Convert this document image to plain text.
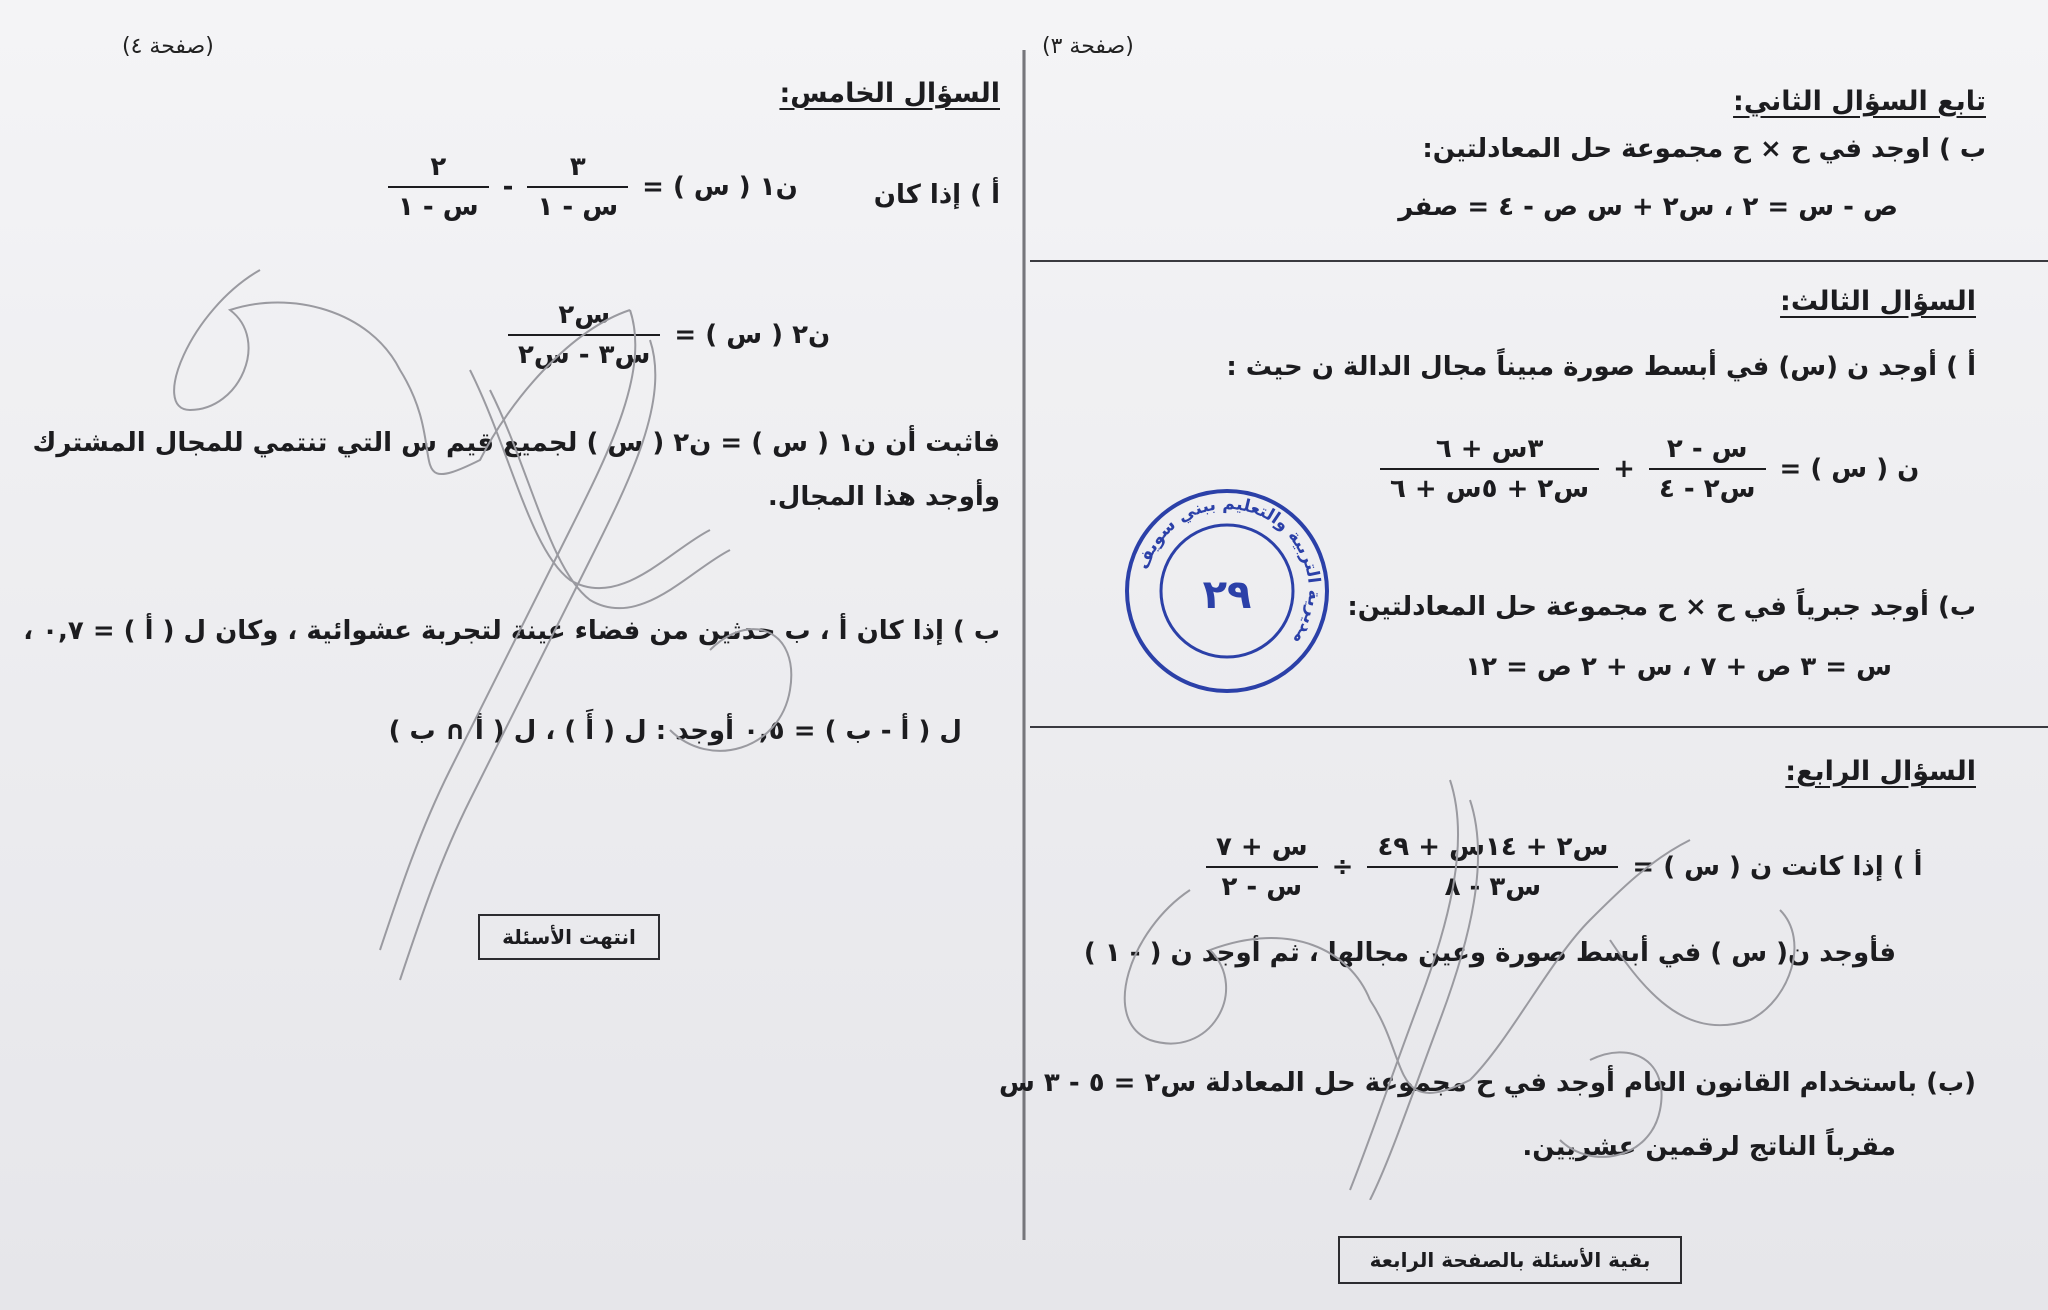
(صفحة ٤)
السؤال الخامس:
$\frac{٢}{\text{س - ١}} - \frac{٣}{\text{س - ١}}$ ن١ ( س ) =	أ ) إذا كان
$\frac{\text{س٢}}{\text{س٣ - س٢}}$ ن٢ ( س ) =
فاثبت أن ن١ ( س ) = ن٢ ( س ) لجميع قيم س التي تنتمي للمجال المشترك
وأوجد هذا المجال.
ب ) إذا كان أ ، ب حدثين من فضاء عينة لتجربة عشوائية ، وكان ل ( أ ) = ٠,٧ ،
ل ( أ - ب ) = ٠,٥ أوجد : ل ( أَ ) ، ل ( أ ∩ ب )
انتهت الأسئلة
(صفحة ٣)
تابع السؤال الثاني:
ب ) اوجد في ح × ح مجموعة حل المعادلتين:
ص - س = ٢ ، س٢ + س ص - ٤ = صفر
السؤال الثالث:
أ ) أوجد ن (س) في أبسط صورة مبيناً مجال الدالة ن حيث :
$\frac{\text{٣س + ٦}}{\text{س٢ + ٥س + ٦}} + \frac{\text{س - ٢}}{\text{س٢ - ٤}}$ ن ( س ) =
ب) أوجد جبرياً في ح × ح مجموعة حل المعادلتين:
س = ٣ ص + ٧ ، س + ٢ ص = ١٢
السؤال الرابع:
$\frac{\text{س + ٧}}{\text{س - ٢}} \div \frac{\text{س٢ + ١٤س + ٤٩}}{\text{س٣ - ٨}}$ أ ) إذا كانت ن ( س ) =
فأوجد ن( س ) في أبسط صورة وعين مجالها ، ثم أوجد ن ( - ١ )
(ب) باستخدام القانون العام أوجد في ح مجموعة حل المعادلة س٢ = ٥ - ٣ س
مقرباً الناتج لرقمين عشريين.
بقية الأسئلة بالصفحة الرابعة
مديرية التربية والتعليم ببني سويف
٢٩
